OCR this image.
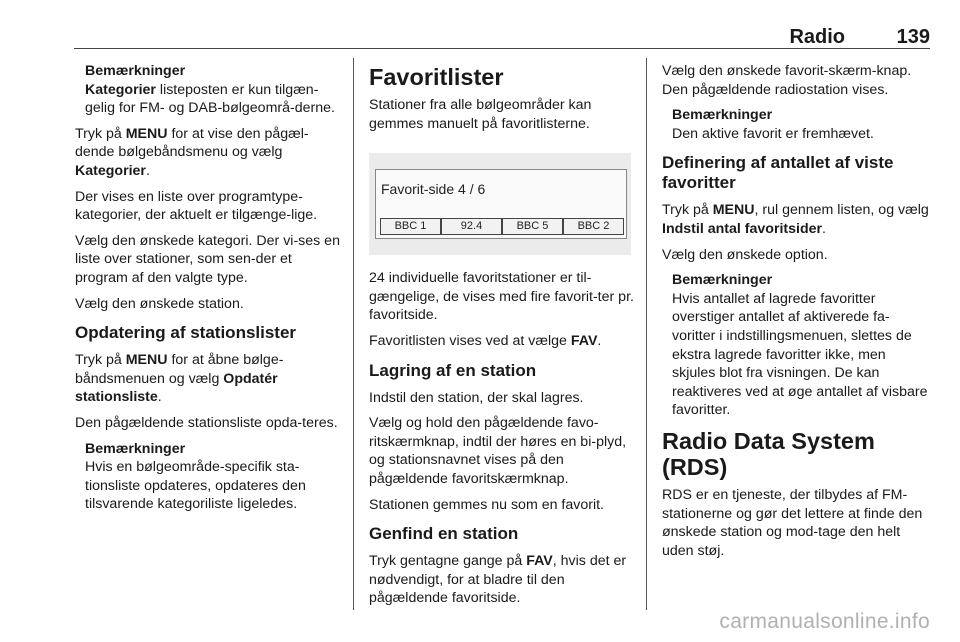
Radio	139
Bemærkninger
Kategorier listeposten er kun tilgæn-gelig for FM- og DAB-bølgeområ-derne.

Tryk på MENU for at vise den pågæl-dende bølgebåndsmenu og vælg Kategorier.

Der vises en liste over programtype-kategorier, der aktuelt er tilgænge-lige.

Vælg den ønskede kategori. Der vi-ses en liste over stationer, som sen-der et program af den valgte type.

Vælg den ønskede station.

Opdatering af stationslister

Tryk på MENU for at åbne bølge-båndsmenuen og vælg Opdatér stationsliste.

Den pågældende stationsliste opda-teres.

Bemærkninger
Hvis en bølgeområde-specifik sta-tionsliste opdateres, opdateres den tilsvarende kategoriliste ligeledes.
Favoritlister

Stationer fra alle bølgeområder kan gemmes manuelt på favoritlisterne.

Favorit-side 4 / 6
BBC 1	92.4	BBC 5	BBC 2

24 individuelle favoritstationer er til-gængelige, de vises med fire favorit-ter pr. favoritside.

Favoritlisten vises ved at vælge FAV.

Lagring af en station

Indstil den station, der skal lagres.

Vælg og hold den pågældende favo-ritskærmknap, indtil der høres en bi-plyd, og stationsnavnet vises på den pågældende favoritskærmknap.

Stationen gemmes nu som en favorit.

Genfind en station

Tryk gentagne gange på FAV, hvis det er nødvendigt, for at bladre til den pågældende favoritside.

Vælg den ønskede favorit-skærm-knap. Den pågældende radiostation vises.

Bemærkninger
Den aktive favorit er fremhævet.
Definering af antallet af viste favoritter

Tryk på MENU, rul gennem listen, og vælg Indstil antal favoritsider.

Vælg den ønskede option.

Bemærkninger
Hvis antallet af lagrede favoritter overstiger antallet af aktiverede fa-voritter i indstillingsmenuen, slettes de ekstra lagrede favoritter ikke, men skjules blot fra visningen. De kan reaktiveres ved at øge antallet af visbare favoritter.
Radio Data System (RDS)

RDS er en tjeneste, der tilbydes af FM-stationerne og gør det lettere at finde den ønskede station og mod-tage den helt uden støj.

carmanualsonline.info
